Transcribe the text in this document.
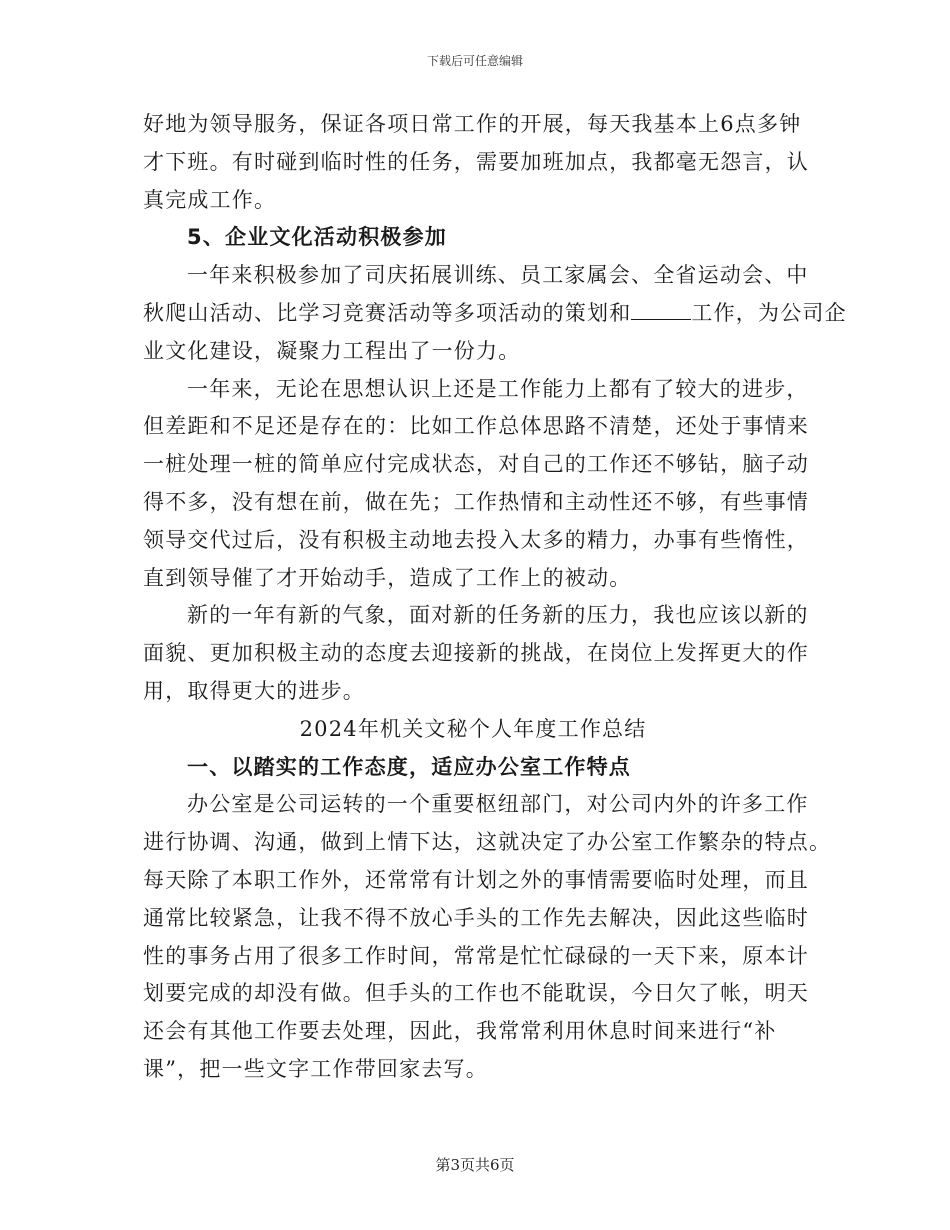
下载后可任意编辑
好地为领导服务，保证各项日常工作的开展，每天我基本上6点多钟
才下班。有时碰到临时性的任务，需要加班加点，我都毫无怨言，认
真完成工作。
5、企业文化活动积极参加
一年来积极参加了司庆拓展训练、员工家属会、全省运动会、中
秋爬山活动、比学习竞赛活动等多项活动的策划和	工作，为公司企
业文化建设，凝聚力工程出了一份力。
一年来，无论在思想认识上还是工作能力上都有了较大的进步，
但差距和不足还是存在的：比如工作总体思路不清楚，还处于事情来
一桩处理一桩的简单应付完成状态，对自己的工作还不够钻，脑子动
得不多，没有想在前，做在先；工作热情和主动性还不够，有些事情
领导交代过后，没有积极主动地去投入太多的精力，办事有些惰性，
直到领导催了才开始动手，造成了工作上的被动。
新的一年有新的气象，面对新的任务新的压力，我也应该以新的
面貌、更加积极主动的态度去迎接新的挑战，在岗位上发挥更大的作
用，取得更大的进步。
2024年机关文秘个人年度工作总结
一、以踏实的工作态度，适应办公室工作特点
办公室是公司运转的一个重要枢纽部门，对公司内外的许多工作
进行协调、沟通，做到上情下达，这就决定了办公室工作繁杂的特点。
每天除了本职工作外，还常常有计划之外的事情需要临时处理，而且
通常比较紧急，让我不得不放心手头的工作先去解决，因此这些临时
性的事务占用了很多工作时间，常常是忙忙碌碌的一天下来，原本计
划要完成的却没有做。但手头的工作也不能耽误，今日欠了帐，明天
还会有其他工作要去处理，因此，我常常利用休息时间来进行“补
课”，把一些文字工作带回家去写。
第3页共6页
